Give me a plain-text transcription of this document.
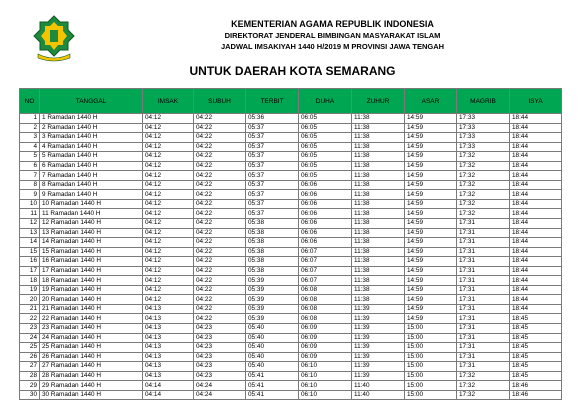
KEMENTERIAN AGAMA REPUBLIK INDONESIA
DIREKTORAT JENDERAL BIMBINGAN MASYARAKAT ISLAM
JADWAL IMSAKIYAH 1440 H/2019 M PROVINSI JAWA TENGAH
UNTUK DAERAH KOTA SEMARANG
NO	TANGGAL	IMSAK	SUBUH	TERBIT	DUHA	ZUHUR	ASAR	MAGRIB	ISYA
1	1 Ramadan 1440 H	04:12	04:22	05:36	06:05	11:38	14:59	17:33	18:44
2	2 Ramadan 1440 H	04:12	04:22	05:37	06:05	11:38	14:59	17:33	18:44
3	3 Ramadan 1440 H	04:12	04:22	05:37	06:05	11:38	14:59	17:33	18:44
4	4 Ramadan 1440 H	04:12	04:22	05:37	06:05	11:38	14:59	17:33	18:44
5	5 Ramadan 1440 H	04:12	04:22	05:37	06:05	11:38	14:59	17:32	18:44
6	6 Ramadan 1440 H	04:12	04:22	05:37	06:05	11:38	14:59	17:32	18:44
7	7 Ramadan 1440 H	04:12	04:22	05:37	06:05	11:38	14:59	17:32	18:44
8	8 Ramadan 1440 H	04:12	04:22	05:37	06:06	11:38	14:59	17:32	18:44
9	9 Ramadan 1440 H	04:12	04:22	05:37	06:06	11:38	14:59	17:32	18:44
10	10 Ramadan 1440 H	04:12	04:22	05:37	06:06	11:38	14:59	17:32	18:44
11	11 Ramadan 1440 H	04:12	04:22	05:37	06:06	11:38	14:59	17:32	18:44
12	12 Ramadan 1440 H	04:12	04:22	05:38	06:06	11:38	14:59	17:31	18:44
13	13 Ramadan 1440 H	04:12	04:22	05:38	06:06	11:38	14:59	17:31	18:44
14	14 Ramadan 1440 H	04:12	04:22	05:38	06:06	11:38	14:59	17:31	18:44
15	15 Ramadan 1440 H	04:12	04:22	05:38	06:07	11:38	14:59	17:31	18:44
16	16 Ramadan 1440 H	04:12	04:22	05:38	06:07	11:38	14:59	17:31	18:44
17	17 Ramadan 1440 H	04:12	04:22	05:38	06:07	11:38	14:59	17:31	18:44
18	18 Ramadan 1440 H	04:12	04:22	05:39	06:07	11:38	14:59	17:31	18:44
19	19 Ramadan 1440 H	04:12	04:22	05:39	06:08	11:38	14:59	17:31	18:44
20	20 Ramadan 1440 H	04:12	04:22	05:39	06:08	11:38	14:59	17:31	18:44
21	21 Ramadan 1440 H	04:13	04:22	05:39	06:08	11:39	14:59	17:31	18:44
22	22 Ramadan 1440 H	04:13	04:22	05:39	06:08	11:39	14:59	17:31	18:45
23	23 Ramadan 1440 H	04:13	04:23	05:40	06:09	11:39	15:00	17:31	18:45
24	24 Ramadan 1440 H	04:13	04:23	05:40	06:09	11:39	15:00	17:31	18:45
25	25 Ramadan 1440 H	04:13	04:23	05:40	06:09	11:39	15:00	17:31	18:45
26	26 Ramadan 1440 H	04:13	04:23	05:40	06:09	11:39	15:00	17:31	18:45
27	27 Ramadan 1440 H	04:13	04:23	05:40	06:10	11:39	15:00	17:31	18:45
28	28 Ramadan 1440 H	04:13	04:23	05:41	06:10	11:39	15:00	17:32	18:45
29	29 Ramadan 1440 H	04:14	04:24	05:41	06:10	11:40	15:00	17:32	18:46
30	30 Ramadan 1440 H	04:14	04:24	05:41	06:10	11:40	15:00	17:32	18:46
